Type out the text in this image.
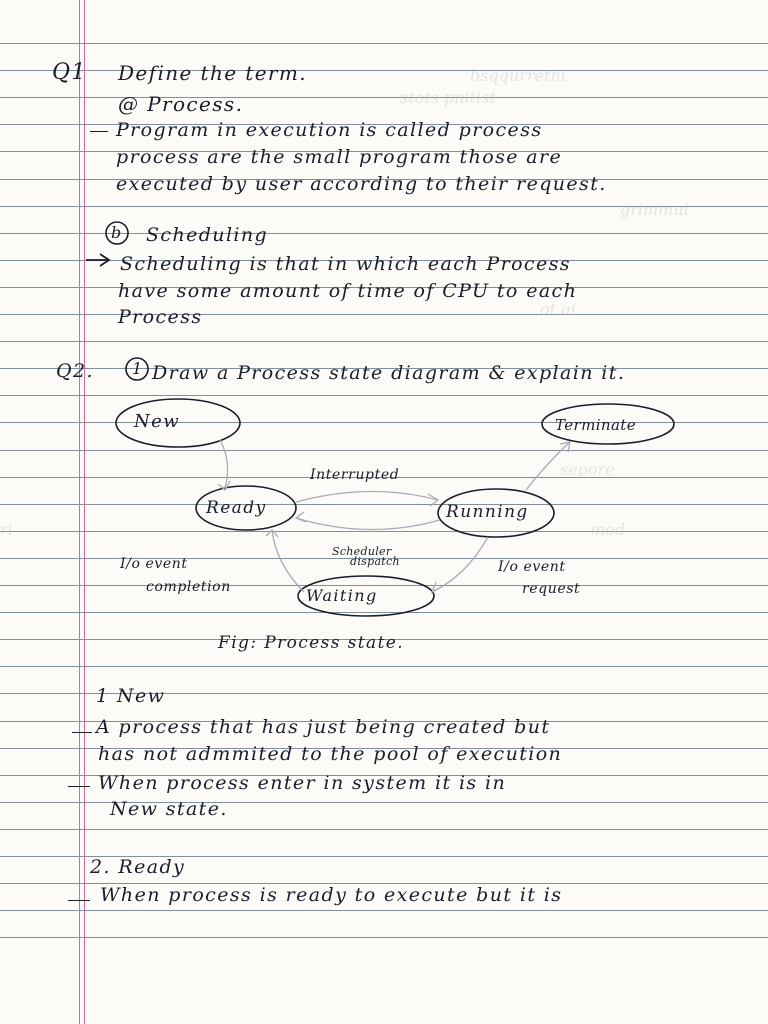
bsqqurretni
stots pnitist
grimmut
ot ai
sepore
mod
ri
Q1 Define the term.
@ Process.
Program in execution is called process
process are the small program those are
executed by user according to their request.
b Scheduling
Scheduling is that in which each Process
have some amount of time of CPU to each
Process
Q2. 1 Draw a Process state diagram & explain it.
New
Ready	Running
Terminate
Waiting
Interrupted
Scheduler
dispatch
I/o event
completion
I/o event
request
Fig: Process state.
1 New
A process that has just being created but
has not admmited to the pool of execution
When process enter in system it is in
New state.
2. Ready
When process is ready to execute but it is
